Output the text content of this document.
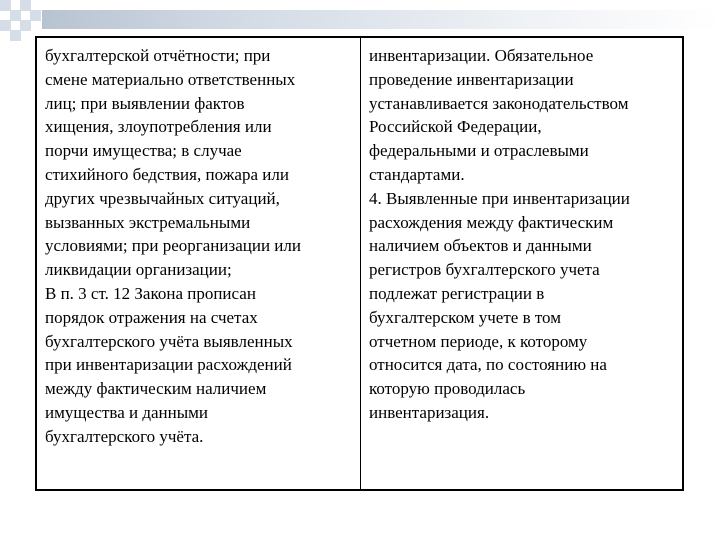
бухгалтерской отчётности; при
смене материально ответственных
лиц; при выявлении фактов
хищения, злоупотребления или
порчи имущества; в случае
стихийного бедствия, пожара или
других чрезвычайных ситуаций,
вызванных экстремальными
условиями; при реорганизации или
ликвидации организации;
В п. 3 ст. 12 Закона прописан
порядок отражения на счетах
бухгалтерского учёта выявленных
при инвентаризации расхождений
между фактическим наличием
имущества и данными
бухгалтерского учёта.
инвентаризации. Обязательное
проведение инвентаризации
устанавливается законодательством
Российской Федерации,
федеральными и отраслевыми
стандартами.
4. Выявленные при инвентаризации
расхождения между фактическим
наличием объектов и данными
регистров бухгалтерского учета
подлежат регистрации в
бухгалтерском учете в том
отчетном периоде, к которому
относится дата, по состоянию на
которую проводилась
инвентаризация.
